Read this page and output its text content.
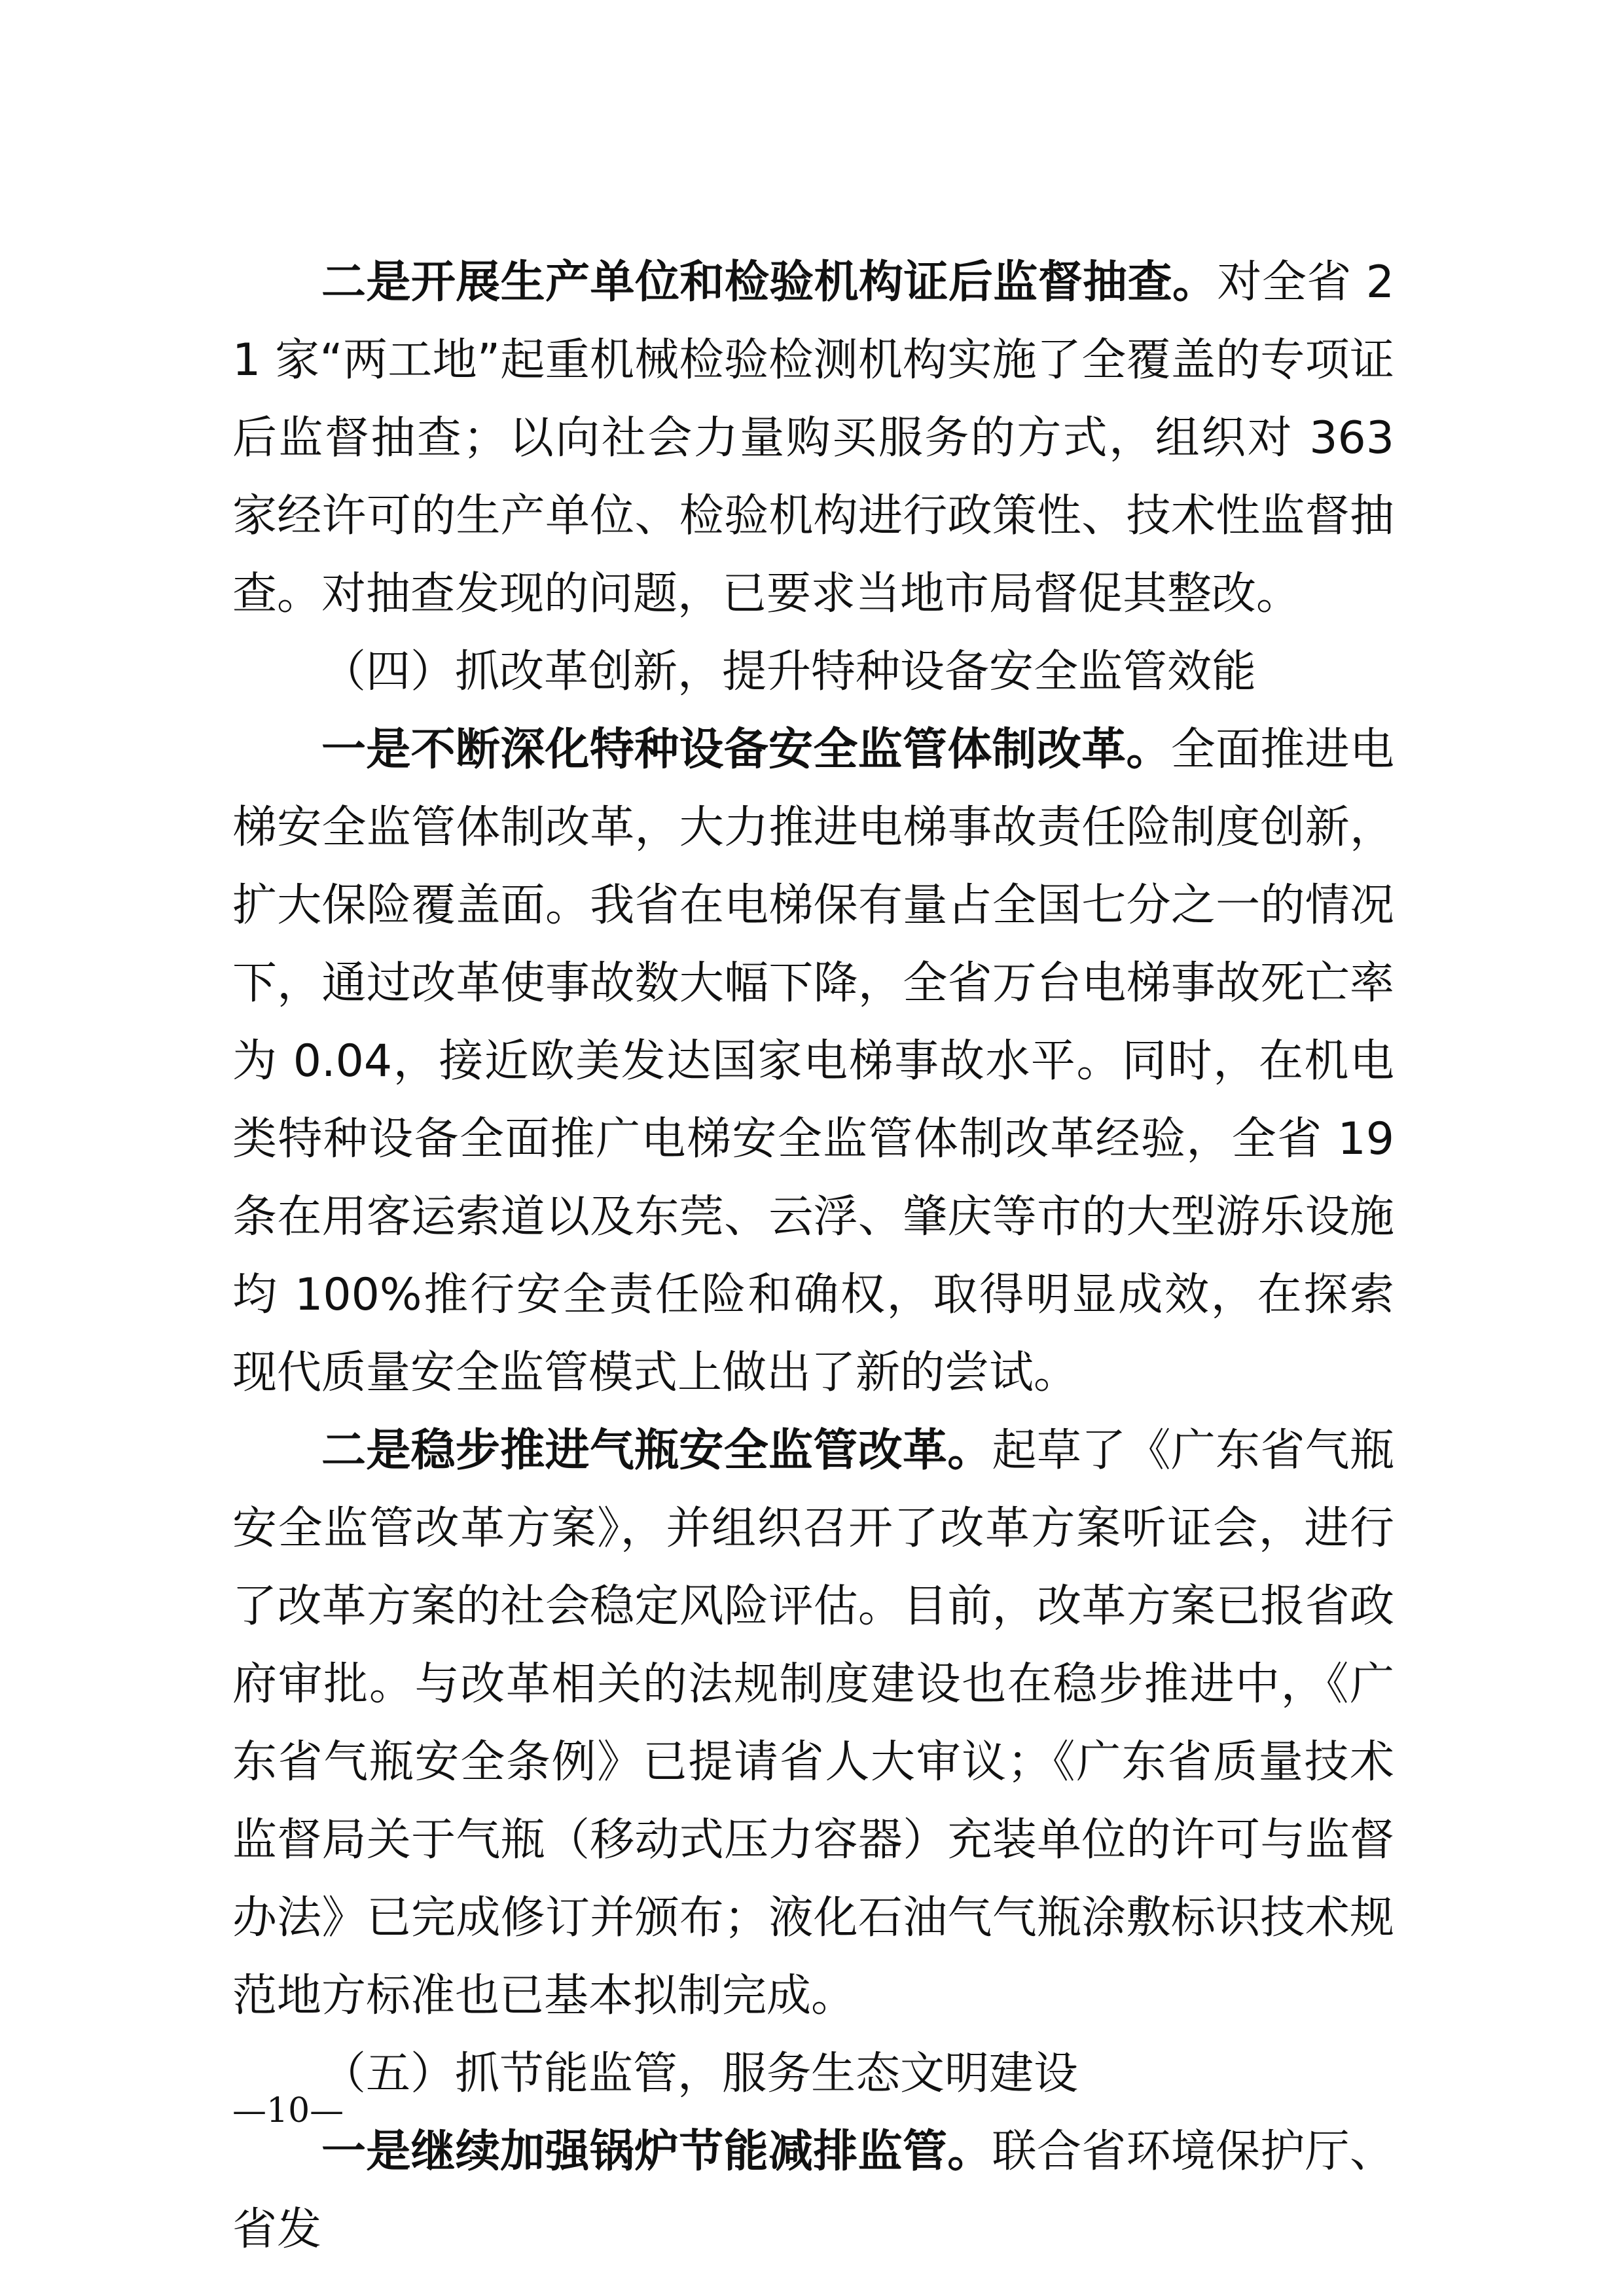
二是开展生产单位和检验机构证后监督抽查。对全省 21 家“两工地”起重机械检验检测机构实施了全覆盖的专项证后监督抽查；以向社会力量购买服务的方式，组织对 363 家经许可的生产单位、检验机构进行政策性、技术性监督抽查。对抽查发现的问题，已要求当地市局督促其整改。

（四）抓改革创新，提升特种设备安全监管效能

一是不断深化特种设备安全监管体制改革。全面推进电梯安全监管体制改革，大力推进电梯事故责任险制度创新，扩大保险覆盖面。我省在电梯保有量占全国七分之一的情况下，通过改革使事故数大幅下降，全省万台电梯事故死亡率为 0.04，接近欧美发达国家电梯事故水平。同时，在机电类特种设备全面推广电梯安全监管体制改革经验，全省 19 条在用客运索道以及东莞、云浮、肇庆等市的大型游乐设施均 100%推行安全责任险和确权，取得明显成效，在探索现代质量安全监管模式上做出了新的尝试。

二是稳步推进气瓶安全监管改革。起草了《广东省气瓶安全监管改革方案》，并组织召开了改革方案听证会，进行了改革方案的社会稳定风险评估。目前，改革方案已报省政府审批。与改革相关的法规制度建设也在稳步推进中，《广东省气瓶安全条例》已提请省人大审议；《广东省质量技术监督局关于气瓶（移动式压力容器）充装单位的许可与监督办法》已完成修订并颁布；液化石油气气瓶涂敷标识技术规范地方标准也已基本拟制完成。

（五）抓节能监管，服务生态文明建设

一是继续加强锅炉节能减排监管。联合省环境保护厅、省发

—10—
